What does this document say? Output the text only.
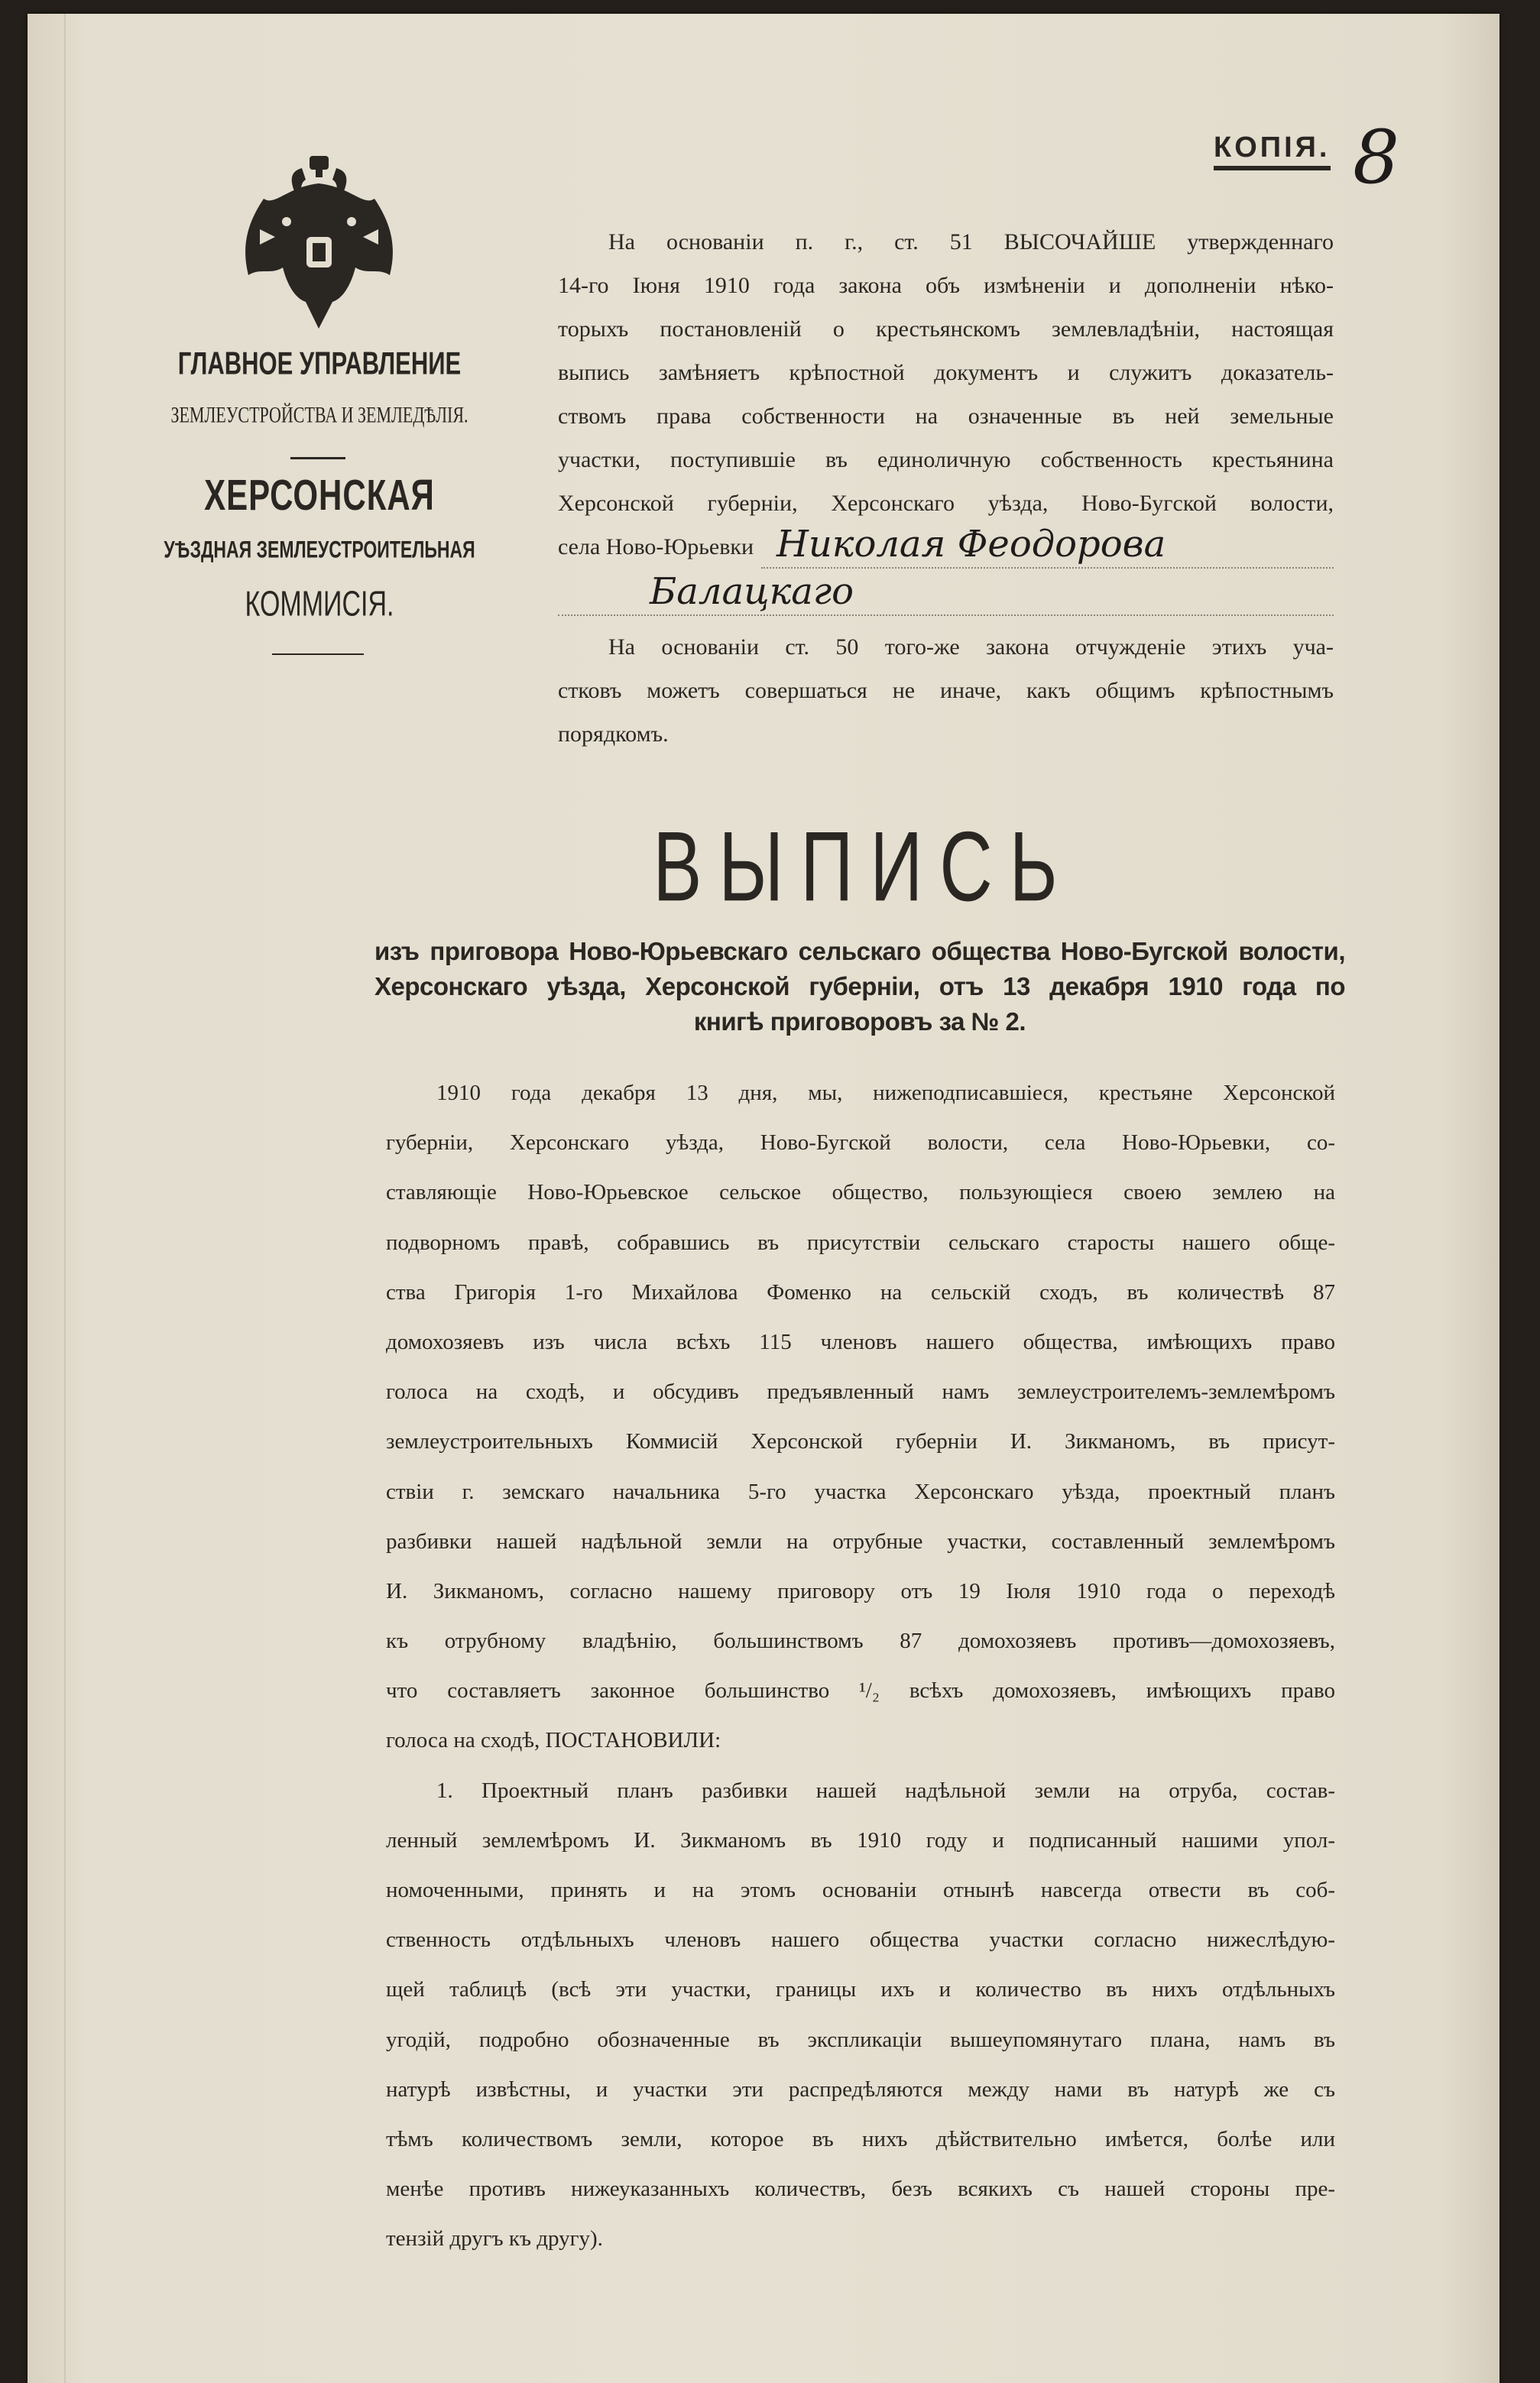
КОПІЯ. 8
ГЛАВНОЕ УПРАВЛЕНИЕ
ЗЕМЛЕУСТРОЙСТВА И ЗЕМЛЕДѢЛІЯ.
ХЕРСОНСКАЯ
УѢЗДНАЯ ЗЕМЛЕУСТРОИТЕЛЬНАЯ
КОММИСІЯ.
На основаніи п. г., ст. 51 ВЫСОЧАЙШЕ утвержденнаго
14-го Іюня 1910 года закона объ измѣненіи и дополненіи нѣко-
торыхъ постановленій о крестьянскомъ землевладѣніи, настоящая
выпись замѣняетъ крѣпостной документъ и служитъ доказатель-
ствомъ права собственности на означенные въ ней земельные
участки, поступившіе въ единоличную собственность крестьянина
Херсонской губерніи, Херсонскаго уѣзда, Ново-Бугской волости,
села Ново-Юрьевки Николая Феодорова
Балацкаго
На основаніи ст. 50 того-же закона отчужденіе этихъ уча-
стковъ можетъ совершаться не иначе, какъ общимъ крѣпостнымъ
порядкомъ.
ВЫПИСЬ
изъ приговора Ново-Юрьевскаго сельскаго общества Ново-Бугской волости,
Херсонскаго уѣзда, Херсонской губерніи, отъ 13 декабря 1910 года по
книгѣ приговоровъ за № 2.
1910 года декабря 13 дня, мы, нижеподписавшіеся, крестьяне Херсонской
губерніи, Херсонскаго уѣзда, Ново-Бугской волости, села Ново-Юрьевки, со-
ставляющіе Ново-Юрьевское сельское общество, пользующіеся своею землею на
подворномъ правѣ, собравшись въ присутствіи сельскаго старосты нашего обще-
ства Григорія 1-го Михайлова Фоменко на сельскій сходъ, въ количествѣ 87
домохозяевъ изъ числа всѣхъ 115 членовъ нашего общества, имѣющихъ право
голоса на сходѣ, и обсудивъ предъявленный намъ землеустроителемъ-землемѣромъ
землеустроительныхъ Коммисій Херсонской губерніи И. Зикманомъ, въ присут-
ствіи г. земскаго начальника 5-го участка Херсонскаго уѣзда, проектный планъ
разбивки нашей надѣльной земли на отрубные участки, составленный землемѣромъ
И. Зикманомъ, согласно нашему приговору отъ 19 Іюля 1910 года о переходѣ
къ отрубному владѣнію, большинствомъ 87 домохозяевъ противъ—домохозяевъ,
что составляетъ законное большинство ¹/₂ всѣхъ домохозяевъ, имѣющихъ право
голоса на сходѣ, ПОСТАНОВИЛИ:
1. Проектный планъ разбивки нашей надѣльной земли на отруба, состав-
ленный землемѣромъ И. Зикманомъ въ 1910 году и подписанный нашими упол-
номоченными, принять и на этомъ основаніи отнынѣ навсегда отвести въ соб-
ственность отдѣльныхъ членовъ нашего общества участки согласно нижеслѣдую-
щей таблицѣ (всѣ эти участки, границы ихъ и количество въ нихъ отдѣльныхъ
угодій, подробно обозначенные въ экспликаціи вышеупомянутаго плана, намъ въ
натурѣ извѣстны, и участки эти распредѣляются между нами въ натурѣ же съ
тѣмъ количествомъ земли, которое въ нихъ дѣйствительно имѣется, болѣе или
менѣе противъ нижеуказанныхъ количествъ, безъ всякихъ съ нашей стороны пре-
тензій другъ къ другу).
